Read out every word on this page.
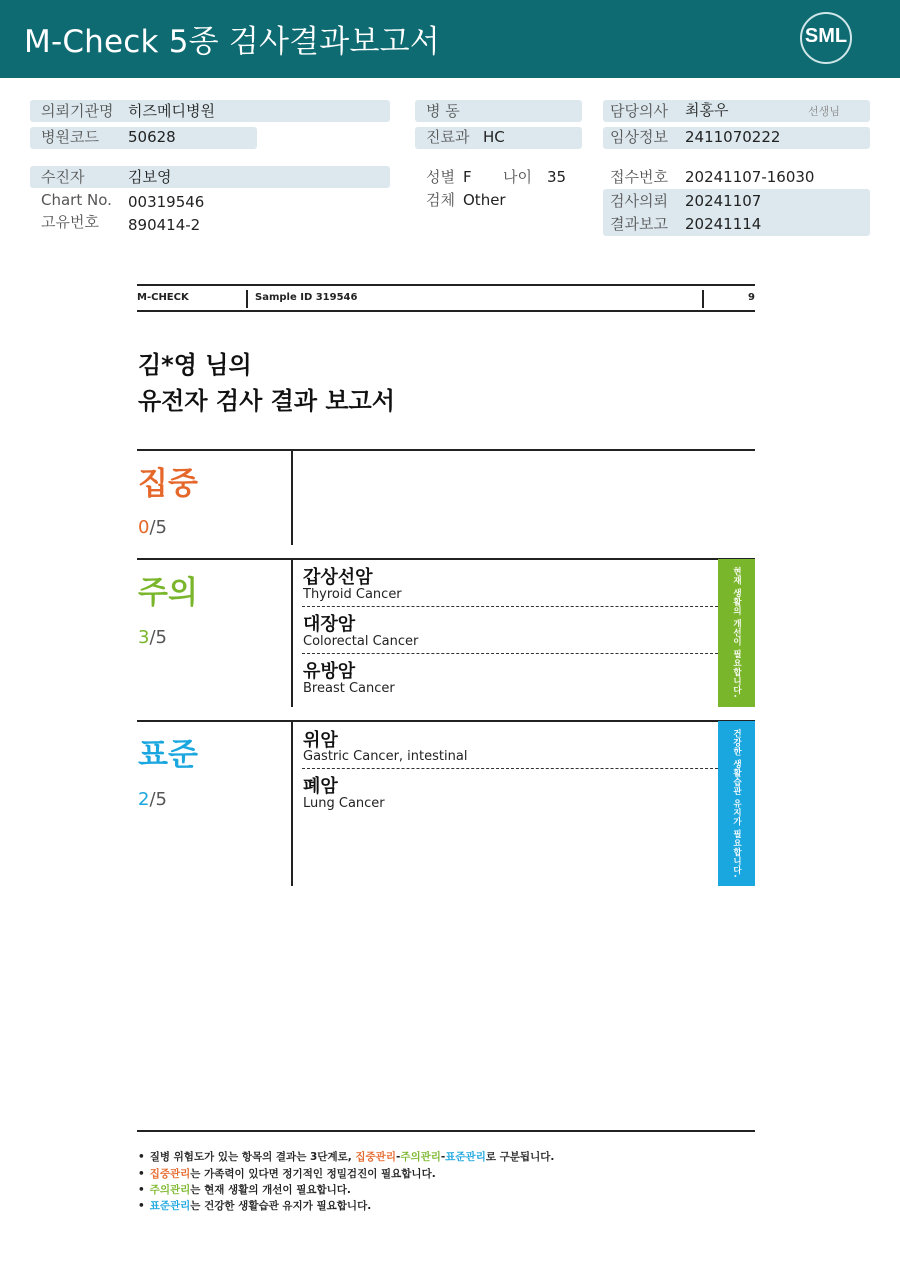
M-Check 5종 검사결과보고서	SML
의뢰기관명 히즈메디병원
병원코드 50628
병 동
진료과 HC
담당의사 최홍우	선생님
임상정보 2411070222
수진자	김보영
Chart No. 00319546
고유번호 890414-2
성별 F 나이 35
검체 Other
접수번호 20241107-16030
검사의뢰 20241107
결과보고 20241114
M-CHECK	Sample ID 319546	9
김*영 님의
유전자 검사 결과 보고서
집중
0/5
주의
3/5
갑상선암
Thyroid Cancer
대장암
Colorectal Cancer
유방암
Breast Cancer	현재 생활의 개선이 필요합니다.
표준
2/5
위암
Gastric Cancer, intestinal
폐암
Lung Cancer	건강한 생활습관 유지가 필요합니다.
• 질병 위험도가 있는 항목의 결과는 3단계로, 집중관리-주의관리-표준관리로 구분됩니다.
• 집중관리는 가족력이 있다면 정기적인 정밀검진이 필요합니다.
• 주의관리는 현재 생활의 개선이 필요합니다.
• 표준관리는 건강한 생활습관 유지가 필요합니다.
